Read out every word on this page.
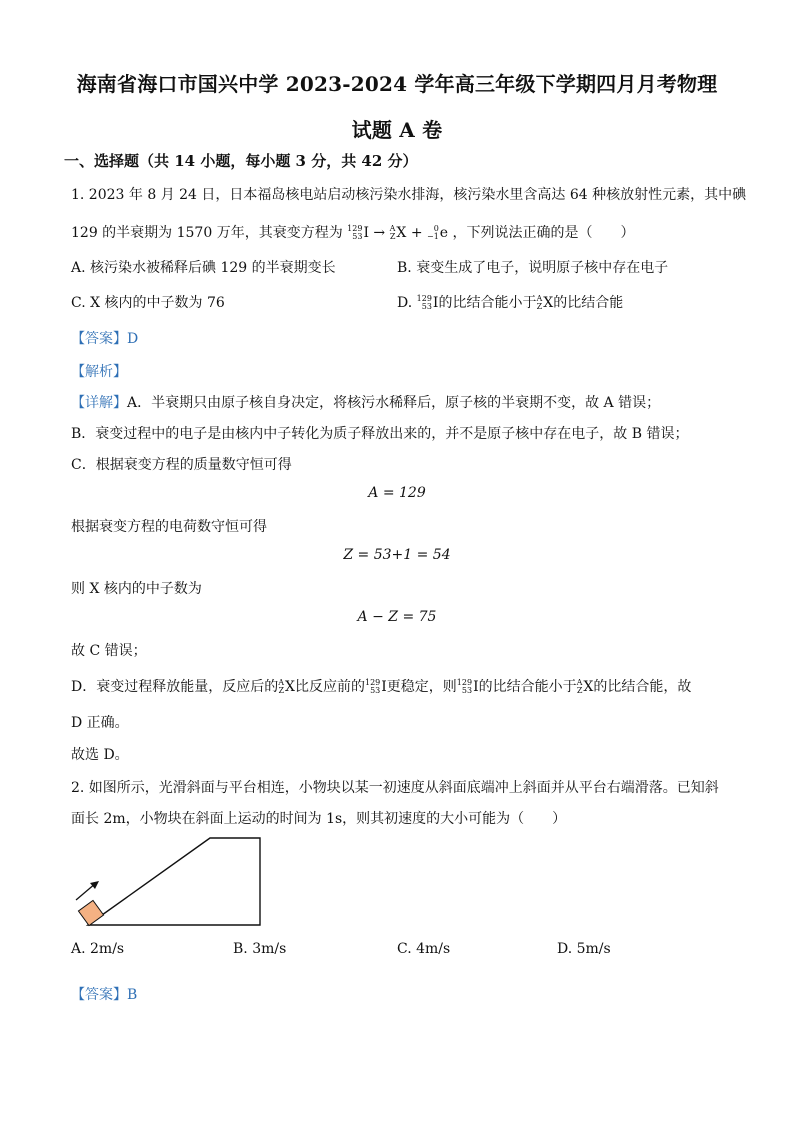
海南省海口市国兴中学 2023-2024 学年高三年级下学期四月月考物理
试题 A 卷
一、选择题（共 14 小题，每小题 3 分，共 42 分）
1. 2023 年 8 月 24 日，日本福岛核电站启动核污染水排海，核污染水里含高达 64 种核放射性元素，其中碘
129 的半衰期为 1570 万年，其衰变方程为 129
53 I → A
Z X + 0
−1 e ，下列说法正确的是（　　）
A. 核污染水被稀释后碘 129 的半衰期变长	B. 衰变生成了电子，说明原子核中存在电子
C. X 核内的中子数为 76	D. 129
53 I的比结合能小于 A
Z X的比结合能
【答案】D
【解析】
【详解】A．半衰期只由原子核自身决定，将核污水稀释后，原子核的半衰期不变，故 A 错误；
B．衰变过程中的电子是由核内中子转化为质子释放出来的，并不是原子核中存在电子，故 B 错误；
C．根据衰变方程的质量数守恒可得
A = 129
根据衰变方程的电荷数守恒可得
Z = 53+1 = 54
则 X 核内的中子数为
A − Z = 75
故 C 错误；
D．衰变过程释放能量，反应后的 A
Z X比反应前的 129
53 I更稳定，则 129
53 I的比结合能小于 A
Z X的比结合能，故
D 正确。
故选 D。
2. 如图所示，光滑斜面与平台相连，小物块以某一初速度从斜面底端冲上斜面并从平台右端滑落。已知斜
面长 2m，小物块在斜面上运动的时间为 1s，则其初速度的大小可能为（　　）
A. 2m/s	B. 3m/s	C. 4m/s	D. 5m/s
【答案】B
